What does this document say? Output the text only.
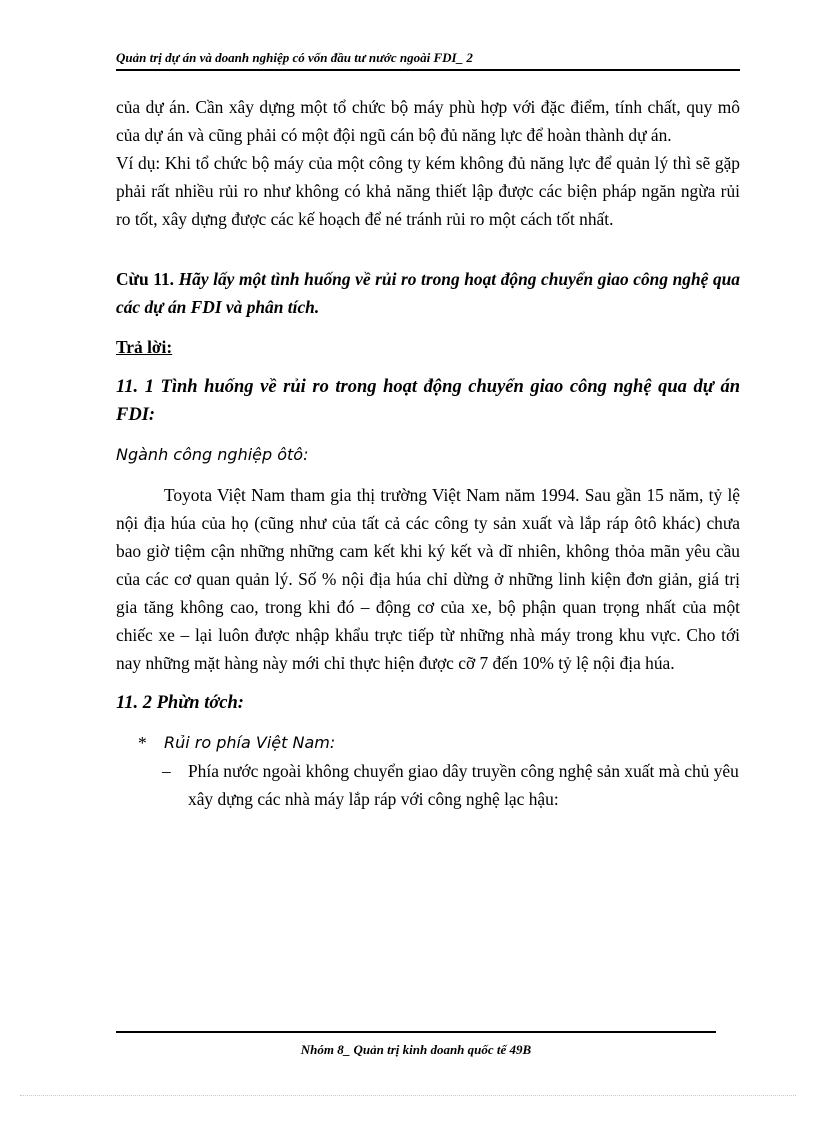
Quản trị dự án và doanh nghiệp có vốn đầu tư nước ngoài FDI_ 2

của dự án. Cần xây dựng một tổ chức bộ máy phù hợp với đặc điểm, tính chất, quy mô của dự án và cũng phải có một đội ngũ cán bộ đủ năng lực để hoàn thành dự án.

Ví dụ: Khi tổ chức bộ máy của một công ty kém không đủ năng lực để quản lý thì sẽ gặp phải rất nhiều rủi ro như không có khả năng thiết lập được các biện pháp ngăn ngừa rủi ro tốt, xây dựng được các kế hoạch để né tránh rủi ro một cách tốt nhất.

Cừu 11. Hãy lấy một tình huống về rủi ro trong hoạt động chuyển giao công nghệ qua các dự án FDI và phân tích.

Trả lời:

11. 1 Tình huống về rủi ro trong hoạt động chuyển giao công nghệ qua dự án FDI:

Ngành công nghiệp ôtô:

Toyota Việt Nam tham gia thị trường Việt Nam năm 1994. Sau gần 15 năm, tỷ lệ nội địa húa của họ (cũng như của tất cả các công ty sản xuất và lắp ráp ôtô khác) chưa bao giờ tiệm cận những những cam kết khi ký kết và dĩ nhiên, không thỏa mãn yêu cầu của các cơ quan quản lý. Số % nội địa húa chỉ dừng ở những linh kiện đơn giản, giá trị gia tăng không cao, trong khi đó – động cơ của xe, bộ phận quan trọng nhất của một chiếc xe – lại luôn được nhập khẩu trực tiếp từ những nhà máy trong khu vực. Cho tới nay những mặt hàng này mới chỉ thực hiện được cỡ 7 đến 10% tỷ lệ nội địa húa.

11. 2 Phừn tớch:

*	Rủi ro phía Việt Nam:
– Phía nước ngoài không chuyển giao dây truyền công nghệ sản xuất mà chủ yêu xây dựng các nhà máy lắp ráp với công nghệ lạc hậu:
Nhóm 8_ Quản trị kinh doanh quốc tế 49B
